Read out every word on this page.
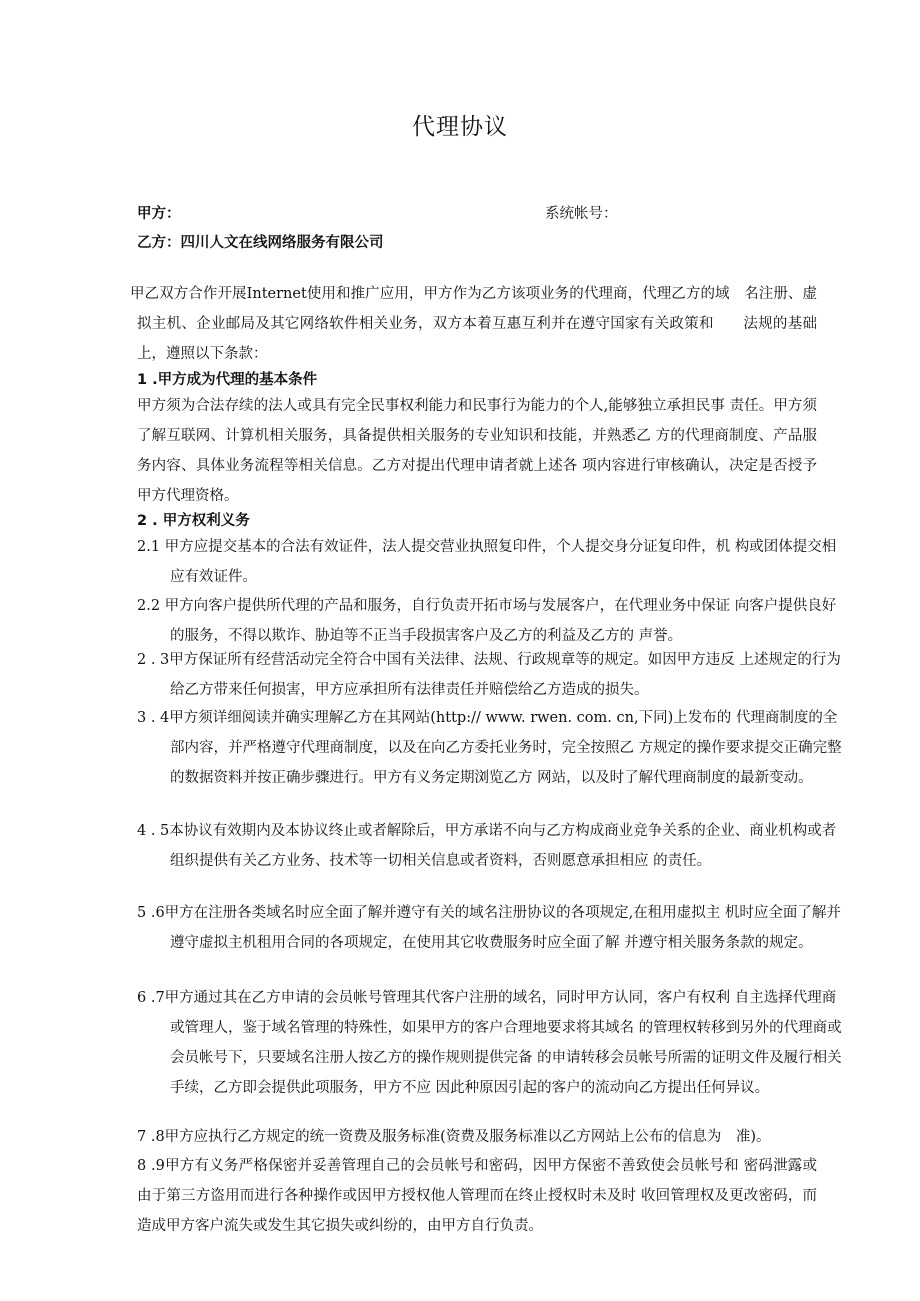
代理协议
甲方：	系统帐号：
乙方：四川人文在线网络服务有限公司
甲乙双方合作开展Internet使用和推广应用，甲方作为乙方该项业务的代理商，代理乙方的域　名注册、虚拟主机、企业邮局及其它网络软件相关业务，双方本着互惠互利并在遵守国家有关政策和　　法规的基础上，遵照以下条款：
1 .甲方成为代理的基本条件
甲方须为合法存续的法人或具有完全民事权利能力和民事行为能力的个人,能够独立承担民事 责任。甲方须了解互联网、计算机相关服务，具备提供相关服务的专业知识和技能，并熟悉乙 方的代理商制度、产品服务内容、具体业务流程等相关信息。乙方对提出代理申请者就上述各 项内容进行审核确认，决定是否授予甲方代理资格。
2 . 甲方权利义务
2.1 甲方应提交基本的合法有效证件，法人提交营业执照复印件，个人提交身分证复印件，机 构或团体提交相应有效证件。
2.2 甲方向客户提供所代理的产品和服务，自行负责开拓市场与发展客户，在代理业务中保证 向客户提供良好的服务，不得以欺诈、胁迫等不正当手段损害客户及乙方的利益及乙方的 声誉。
2 . 3甲方保证所有经营活动完全符合中国有关法律、法规、行政规章等的规定。如因甲方违反 上述规定的行为给乙方带来任何损害，甲方应承担所有法律责任并赔偿给乙方造成的损失。
3 . 4甲方须详细阅读并确实理解乙方在其网站(http:// www. rwen. com. cn,下同)上发布的 代理商制度的全部内容，并严格遵守代理商制度，以及在向乙方委托业务时，完全按照乙 方规定的操作要求提交正确完整的数据资料并按正确步骤进行。甲方有义务定期浏览乙方 网站，以及时了解代理商制度的最新变动。
4 . 5本协议有效期内及本协议终止或者解除后，甲方承诺不向与乙方构成商业竞争关系的企业、商业机构或者组织提供有关乙方业务、技术等一切相关信息或者资料，否则愿意承担相应 的责任。
5 .6甲方在注册各类域名时应全面了解并遵守有关的域名注册协议的各项规定,在租用虚拟主 机时应全面了解并遵守虚拟主机租用合同的各项规定，在使用其它收费服务时应全面了解 并遵守相关服务条款的规定。
6 .7甲方通过其在乙方申请的会员帐号管理其代客户注册的域名，同时甲方认同，客户有权利 自主选择代理商或管理人，鉴于域名管理的特殊性，如果甲方的客户合理地要求将其域名 的管理权转移到另外的代理商或会员帐号下，只要域名注册人按乙方的操作规则提供完备 的申请转移会员帐号所需的证明文件及履行相关手续，乙方即会提供此项服务，甲方不应 因此种原因引起的客户的流动向乙方提出任何异议。
7 .8甲方应执行乙方规定的统一资费及服务标准(资费及服务标准以乙方网站上公布的信息为　准)。
8 .9甲方有义务严格保密并妥善管理自己的会员帐号和密码，因甲方保密不善致使会员帐号和 密码泄露或由于第三方盗用而进行各种操作或因甲方授权他人管理而在终止授权时未及时 收回管理权及更改密码，而造成甲方客户流失或发生其它损失或纠纷的，由甲方自行负责。
